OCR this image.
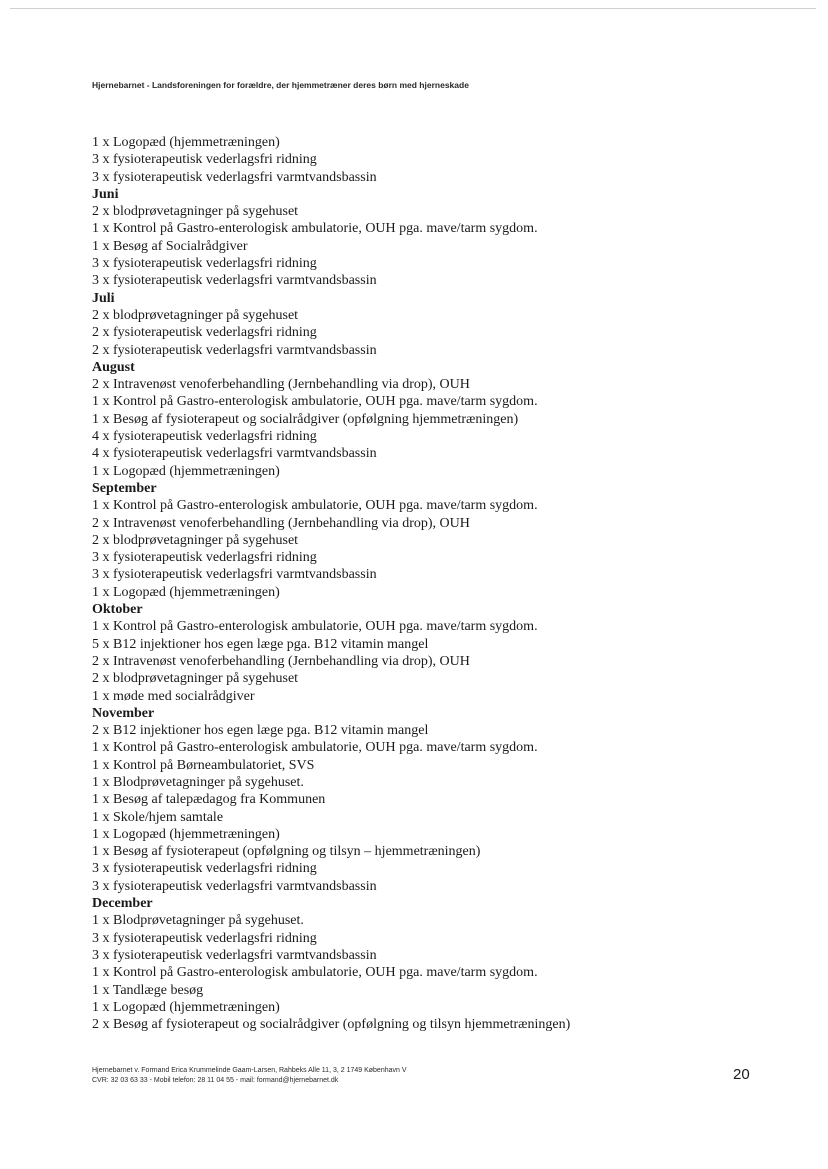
Hjernebarnet - Landsforeningen for forældre, der hjemmetræner deres børn med hjerneskade
1 x Logopæd (hjemmetræningen)
3 x fysioterapeutisk vederlagsfri ridning
3 x fysioterapeutisk vederlagsfri varmtvandsbassin
Juni
2 x blodprøvetagninger på sygehuset
1 x Kontrol på Gastro-enterologisk ambulatorie, OUH pga. mave/tarm sygdom.
1 x Besøg af Socialrådgiver
3 x fysioterapeutisk vederlagsfri ridning
3 x fysioterapeutisk vederlagsfri varmtvandsbassin
Juli
2 x blodprøvetagninger på sygehuset
2 x fysioterapeutisk vederlagsfri ridning
2 x fysioterapeutisk vederlagsfri varmtvandsbassin
August
2 x Intravenøst venoferbehandling (Jernbehandling via drop), OUH
1 x Kontrol på Gastro-enterologisk ambulatorie, OUH pga. mave/tarm sygdom.
1 x Besøg af fysioterapeut og socialrådgiver (opfølgning hjemmetræningen)
4 x fysioterapeutisk vederlagsfri ridning
4 x fysioterapeutisk vederlagsfri varmtvandsbassin
1 x Logopæd (hjemmetræningen)
September
1 x Kontrol på Gastro-enterologisk ambulatorie, OUH pga. mave/tarm sygdom.
2 x Intravenøst venoferbehandling (Jernbehandling via drop), OUH
2 x blodprøvetagninger på sygehuset
3 x fysioterapeutisk vederlagsfri ridning
3 x fysioterapeutisk vederlagsfri varmtvandsbassin
1 x Logopæd (hjemmetræningen)
Oktober
1 x Kontrol på Gastro-enterologisk ambulatorie, OUH pga. mave/tarm sygdom.
5 x B12 injektioner hos egen læge pga. B12 vitamin mangel
2 x Intravenøst venoferbehandling (Jernbehandling via drop), OUH
2 x blodprøvetagninger på sygehuset
1 x møde med socialrådgiver
November
2 x B12 injektioner hos egen læge pga. B12 vitamin mangel
1 x Kontrol på Gastro-enterologisk ambulatorie, OUH pga. mave/tarm sygdom.
1 x Kontrol på Børneambulatoriet, SVS
1 x Blodprøvetagninger på sygehuset.
1 x Besøg af talepædagog fra Kommunen
1 x Skole/hjem samtale
1 x Logopæd (hjemmetræningen)
1 x Besøg af fysioterapeut (opfølgning og tilsyn – hjemmetræningen)
3 x fysioterapeutisk vederlagsfri ridning
3 x fysioterapeutisk vederlagsfri varmtvandsbassin
December
1 x Blodprøvetagninger på sygehuset.
3 x fysioterapeutisk vederlagsfri ridning
3 x fysioterapeutisk vederlagsfri varmtvandsbassin
1 x Kontrol på Gastro-enterologisk ambulatorie, OUH pga. mave/tarm sygdom.
1 x Tandlæge besøg
1 x Logopæd (hjemmetræningen)
2 x Besøg af fysioterapeut og socialrådgiver (opfølgning og tilsyn hjemmetræningen)
Hjernebarnet v. Formand Erica Krummelinde Gaam-Larsen, Rahbeks Alle 11, 3, 2 1749 København V
CVR: 32 03 63 33 - Mobil telefon: 28 11 04 55 - mail: formand@hjernebarnet.dk	20
